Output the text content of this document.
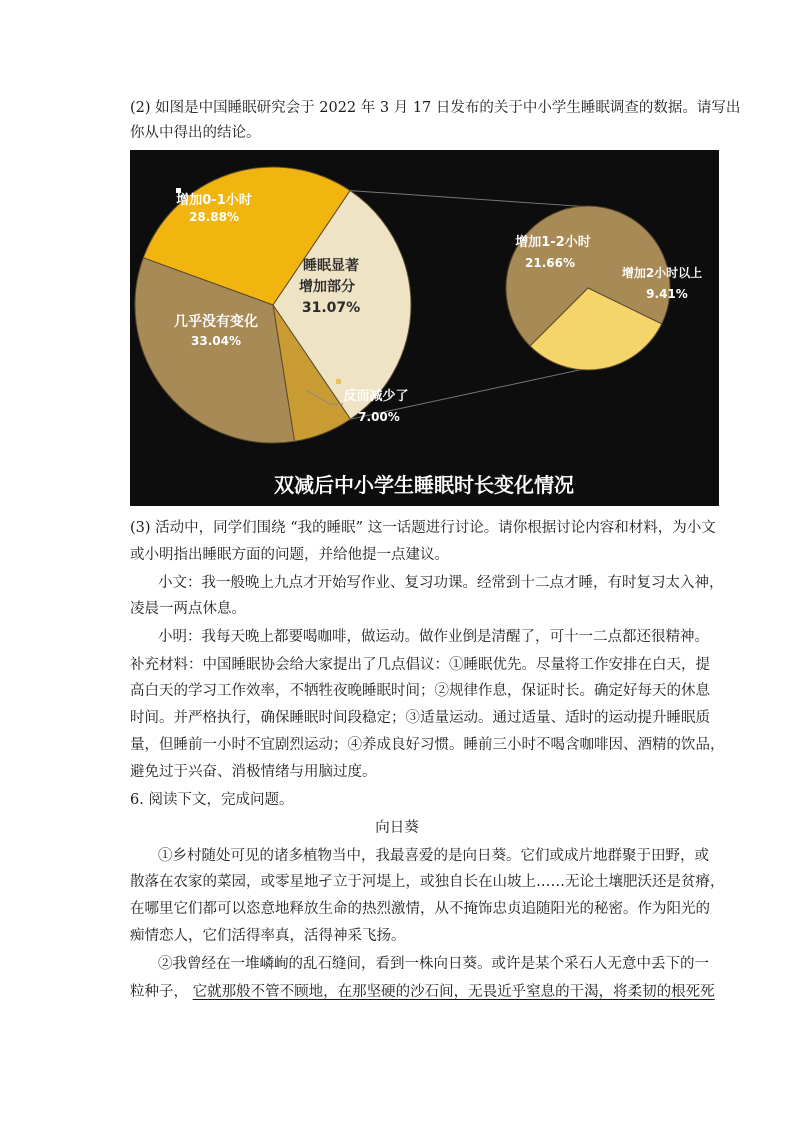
(2) 如图是中国睡眠研究会于 2022 年 3 月 17 日发布的关于中小学生睡眠调查的数据。请写出
你从中得出的结论。
增加0-1小时
28.88%
睡眠显著
增加部分
31.07%
几乎没有变化
33.04%
反而减少了
7.00%
增加1-2小时
21.66%
增加2小时以上
9.41%
双减后中小学生睡眠时长变化情况
(3) 活动中，同学们围绕 “我的睡眠” 这一话题进行讨论。请你根据讨论内容和材料，为小文
或小明指出睡眠方面的问题，并给他提一点建议。
小文：我一般晚上九点才开始写作业、复习功课。经常到十二点才睡，有时复习太入神，
凌晨一两点休息。
小明：我每天晚上都要喝咖啡，做运动。做作业倒是清醒了，可十一二点都还很精神。
补充材料：中国睡眠协会给大家提出了几点倡议：①睡眠优先。尽量将工作安排在白天，提
高白天的学习工作效率，不牺牲夜晚睡眠时间；②规律作息，保证时长。确定好每天的休息
时间。并严格执行，确保睡眠时间段稳定；③适量运动。通过适量、适时的运动提升睡眠质
量，但睡前一小时不宜剧烈运动；④养成良好习惯。睡前三小时不喝含咖啡因、酒精的饮品，
避免过于兴奋、消极情绪与用脑过度。
6. 阅读下文，完成问题。
向日葵
①乡村随处可见的诸多植物当中，我最喜爱的是向日葵。它们或成片地群聚于田野，或
散落在农家的菜园，或零星地孑立于河堤上，或独自长在山坡上……无论土壤肥沃还是贫瘠，
在哪里它们都可以恣意地释放生命的热烈激情，从不掩饰忠贞追随阳光的秘密。作为阳光的
痴情恋人，它们活得率真，活得神采飞扬。
②我曾经在一堆嶙峋的乱石缝间，看到一株向日葵。或许是某个采石人无意中丢下的一
粒种子， 它就那般不管不顾地，在那坚硬的沙石间，无畏近乎窒息的干渴，将柔韧的根死死
